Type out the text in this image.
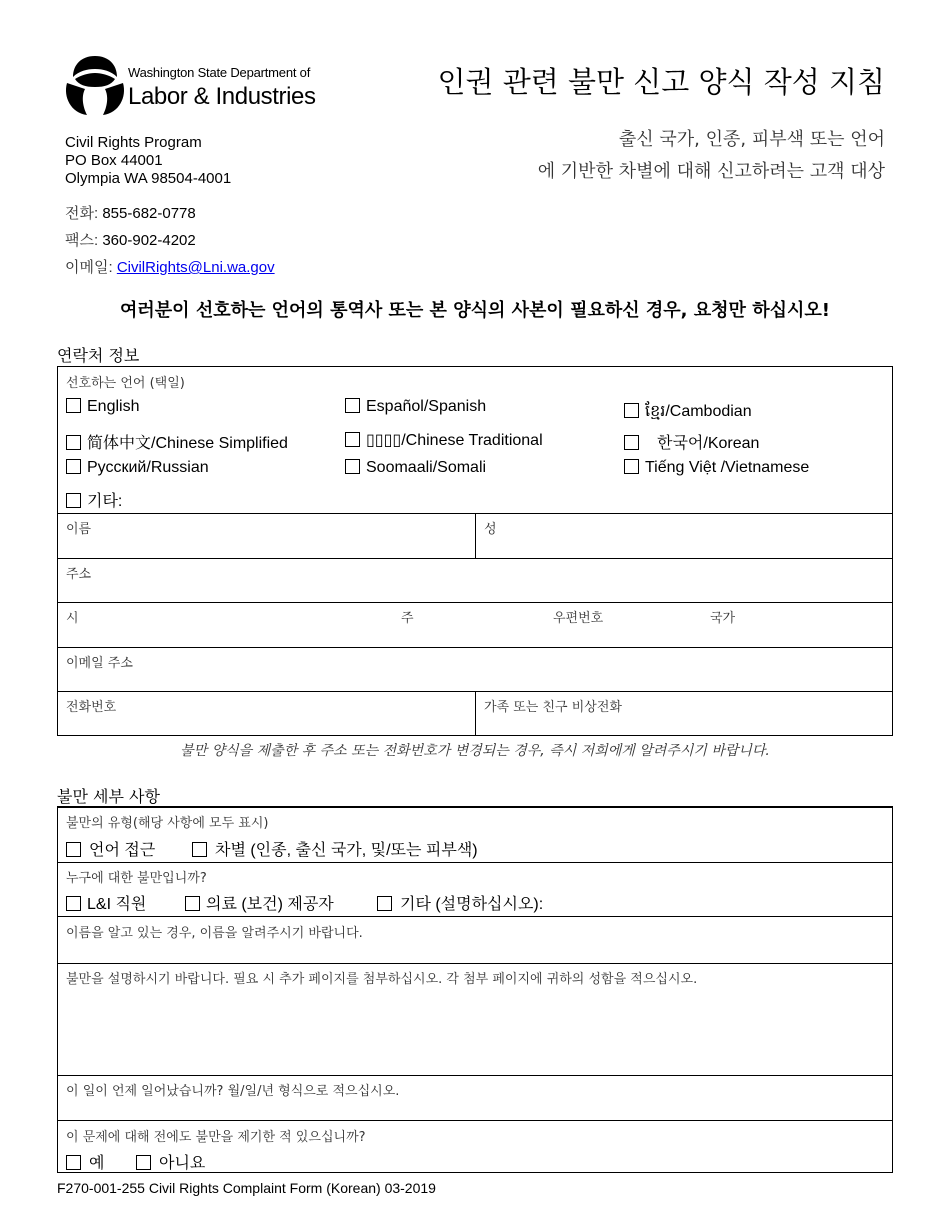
Washington State Department of
Labor & Industries	인권 관련 불만 신고 양식 작성 지침
출신 국가, 인종, 피부색 또는 언어
에 기반한 차별에 대해 신고하려는 고객 대상
Civil Rights Program
PO Box 44001
Olympia WA 98504-4001
전화: 855-682-0778
팩스: 360-902-4202
이메일: CivilRights@Lni.wa.gov
여러분이 선호하는 언어의 통역사 또는 본 양식의 사본이 필요하신 경우, 요청만 하십시오!
연락처 정보
선호하는 언어 (택일)
English	Español/Spanish	ខ្មែរ/Cambodian
简体中文/Chinese Simplified	▯▯▯▯/Chinese Traditional	한국어/Korean
Русский/Russian	Soomaali/Somali	Tiếng Việt /Vietnamese
기타:
이름	성
주소
시	주	우편번호	국가
이메일 주소
전화번호	가족 또는 친구 비상전화
불만 양식을 제출한 후 주소 또는 전화번호가 변경되는 경우, 즉시 저희에게 알려주시기 바랍니다.
불만 세부 사항
불만의 유형(해당 사항에 모두 표시)
언어 접근	차별 (인종, 출신 국가, 및/또는 피부색)
누구에 대한 불만입니까?
L&I 직원	의료 (보건) 제공자	기타 (설명하십시오):
이름을 알고 있는 경우, 이름을 알려주시기 바랍니다.
불만을 설명하시기 바랍니다. 필요 시 추가 페이지를 첨부하십시오. 각 첨부 페이지에 귀하의 성함을 적으십시오.
이 일이 언제 일어났습니까? 월/일/년 형식으로 적으십시오.
이 문제에 대해 전에도 불만을 제기한 적 있으십니까?
예	아니요
F270-001-255 Civil Rights Complaint Form (Korean) 03-2019
